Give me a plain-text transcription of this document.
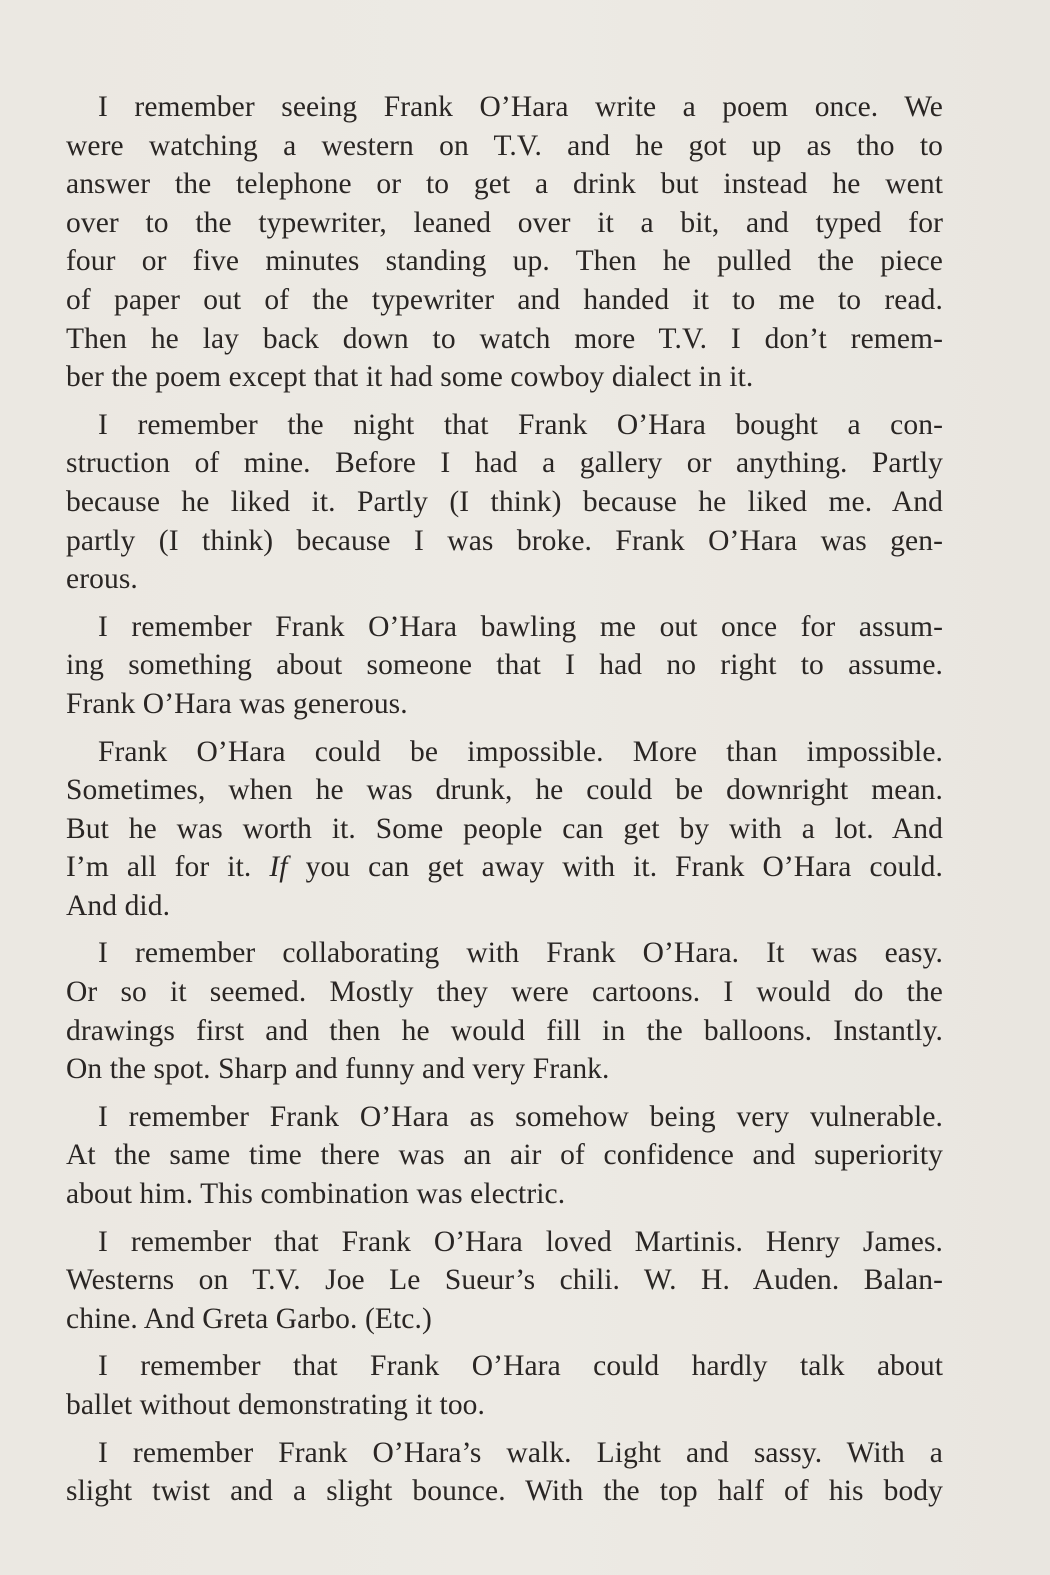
I remember seeing Frank O’Hara write a poem once. We
were watching a western on T.V. and he got up as tho to
answer the telephone or to get a drink but instead he went
over to the typewriter, leaned over it a bit, and typed for
four or five minutes standing up. Then he pulled the piece
of paper out of the typewriter and handed it to me to read.
Then he lay back down to watch more T.V. I don’t remem-
ber the poem except that it had some cowboy dialect in it.
I remember the night that Frank O’Hara bought a con-
struction of mine. Before I had a gallery or anything. Partly
because he liked it. Partly (I think) because he liked me. And
partly (I think) because I was broke. Frank O’Hara was gen-
erous.
I remember Frank O’Hara bawling me out once for assum-
ing something about someone that I had no right to assume.
Frank O’Hara was generous.
Frank O’Hara could be impossible. More than impossible.
Sometimes, when he was drunk, he could be downright mean.
But he was worth it. Some people can get by with a lot. And
I’m all for it. If you can get away with it. Frank O’Hara could.
And did.
I remember collaborating with Frank O’Hara. It was easy.
Or so it seemed. Mostly they were cartoons. I would do the
drawings first and then he would fill in the balloons. Instantly.
On the spot. Sharp and funny and very Frank.
I remember Frank O’Hara as somehow being very vulnerable.
At the same time there was an air of confidence and superiority
about him. This combination was electric.
I remember that Frank O’Hara loved Martinis. Henry James.
Westerns on T.V. Joe Le Sueur’s chili. W. H. Auden. Balan-
chine. And Greta Garbo. (Etc.)
I remember that Frank O’Hara could hardly talk about
ballet without demonstrating it too.
I remember Frank O’Hara’s walk. Light and sassy. With a
slight twist and a slight bounce. With the top half of his body
